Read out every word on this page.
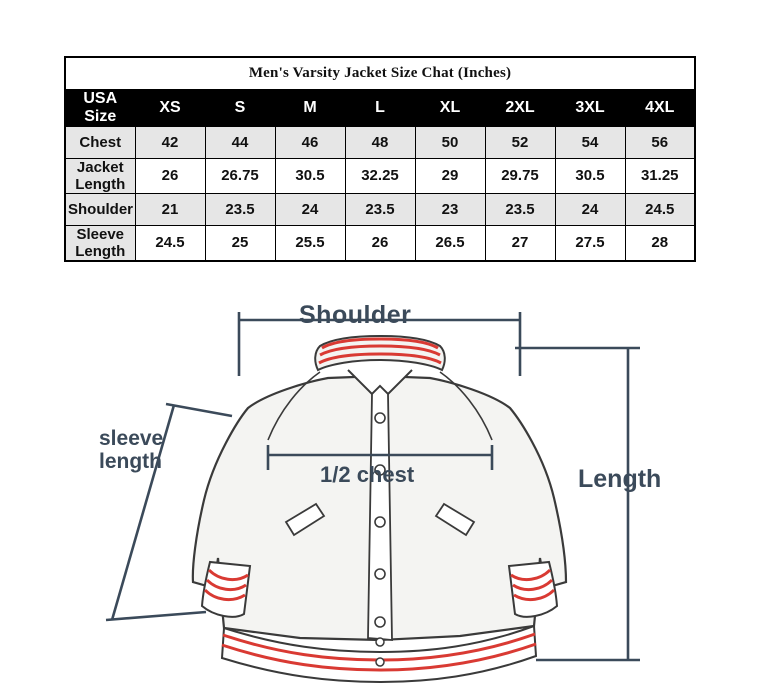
Men's Varsity Jacket Size Chat (Inches)								
USA Size	XS	S	M	L	XL	2XL	3XL	4XL
Chest	42	44	46	48	50	52	54	56
Jacket Length	26	26.75	30.5	32.25	29	29.75	30.5	31.25
Shoulder	21	23.5	24	23.5	23	23.5	24	24.5
Sleeve Length	24.5	25	25.5	26	26.5	27	27.5	28
Shoulder
Length
1/2 chest
sleeve
length
